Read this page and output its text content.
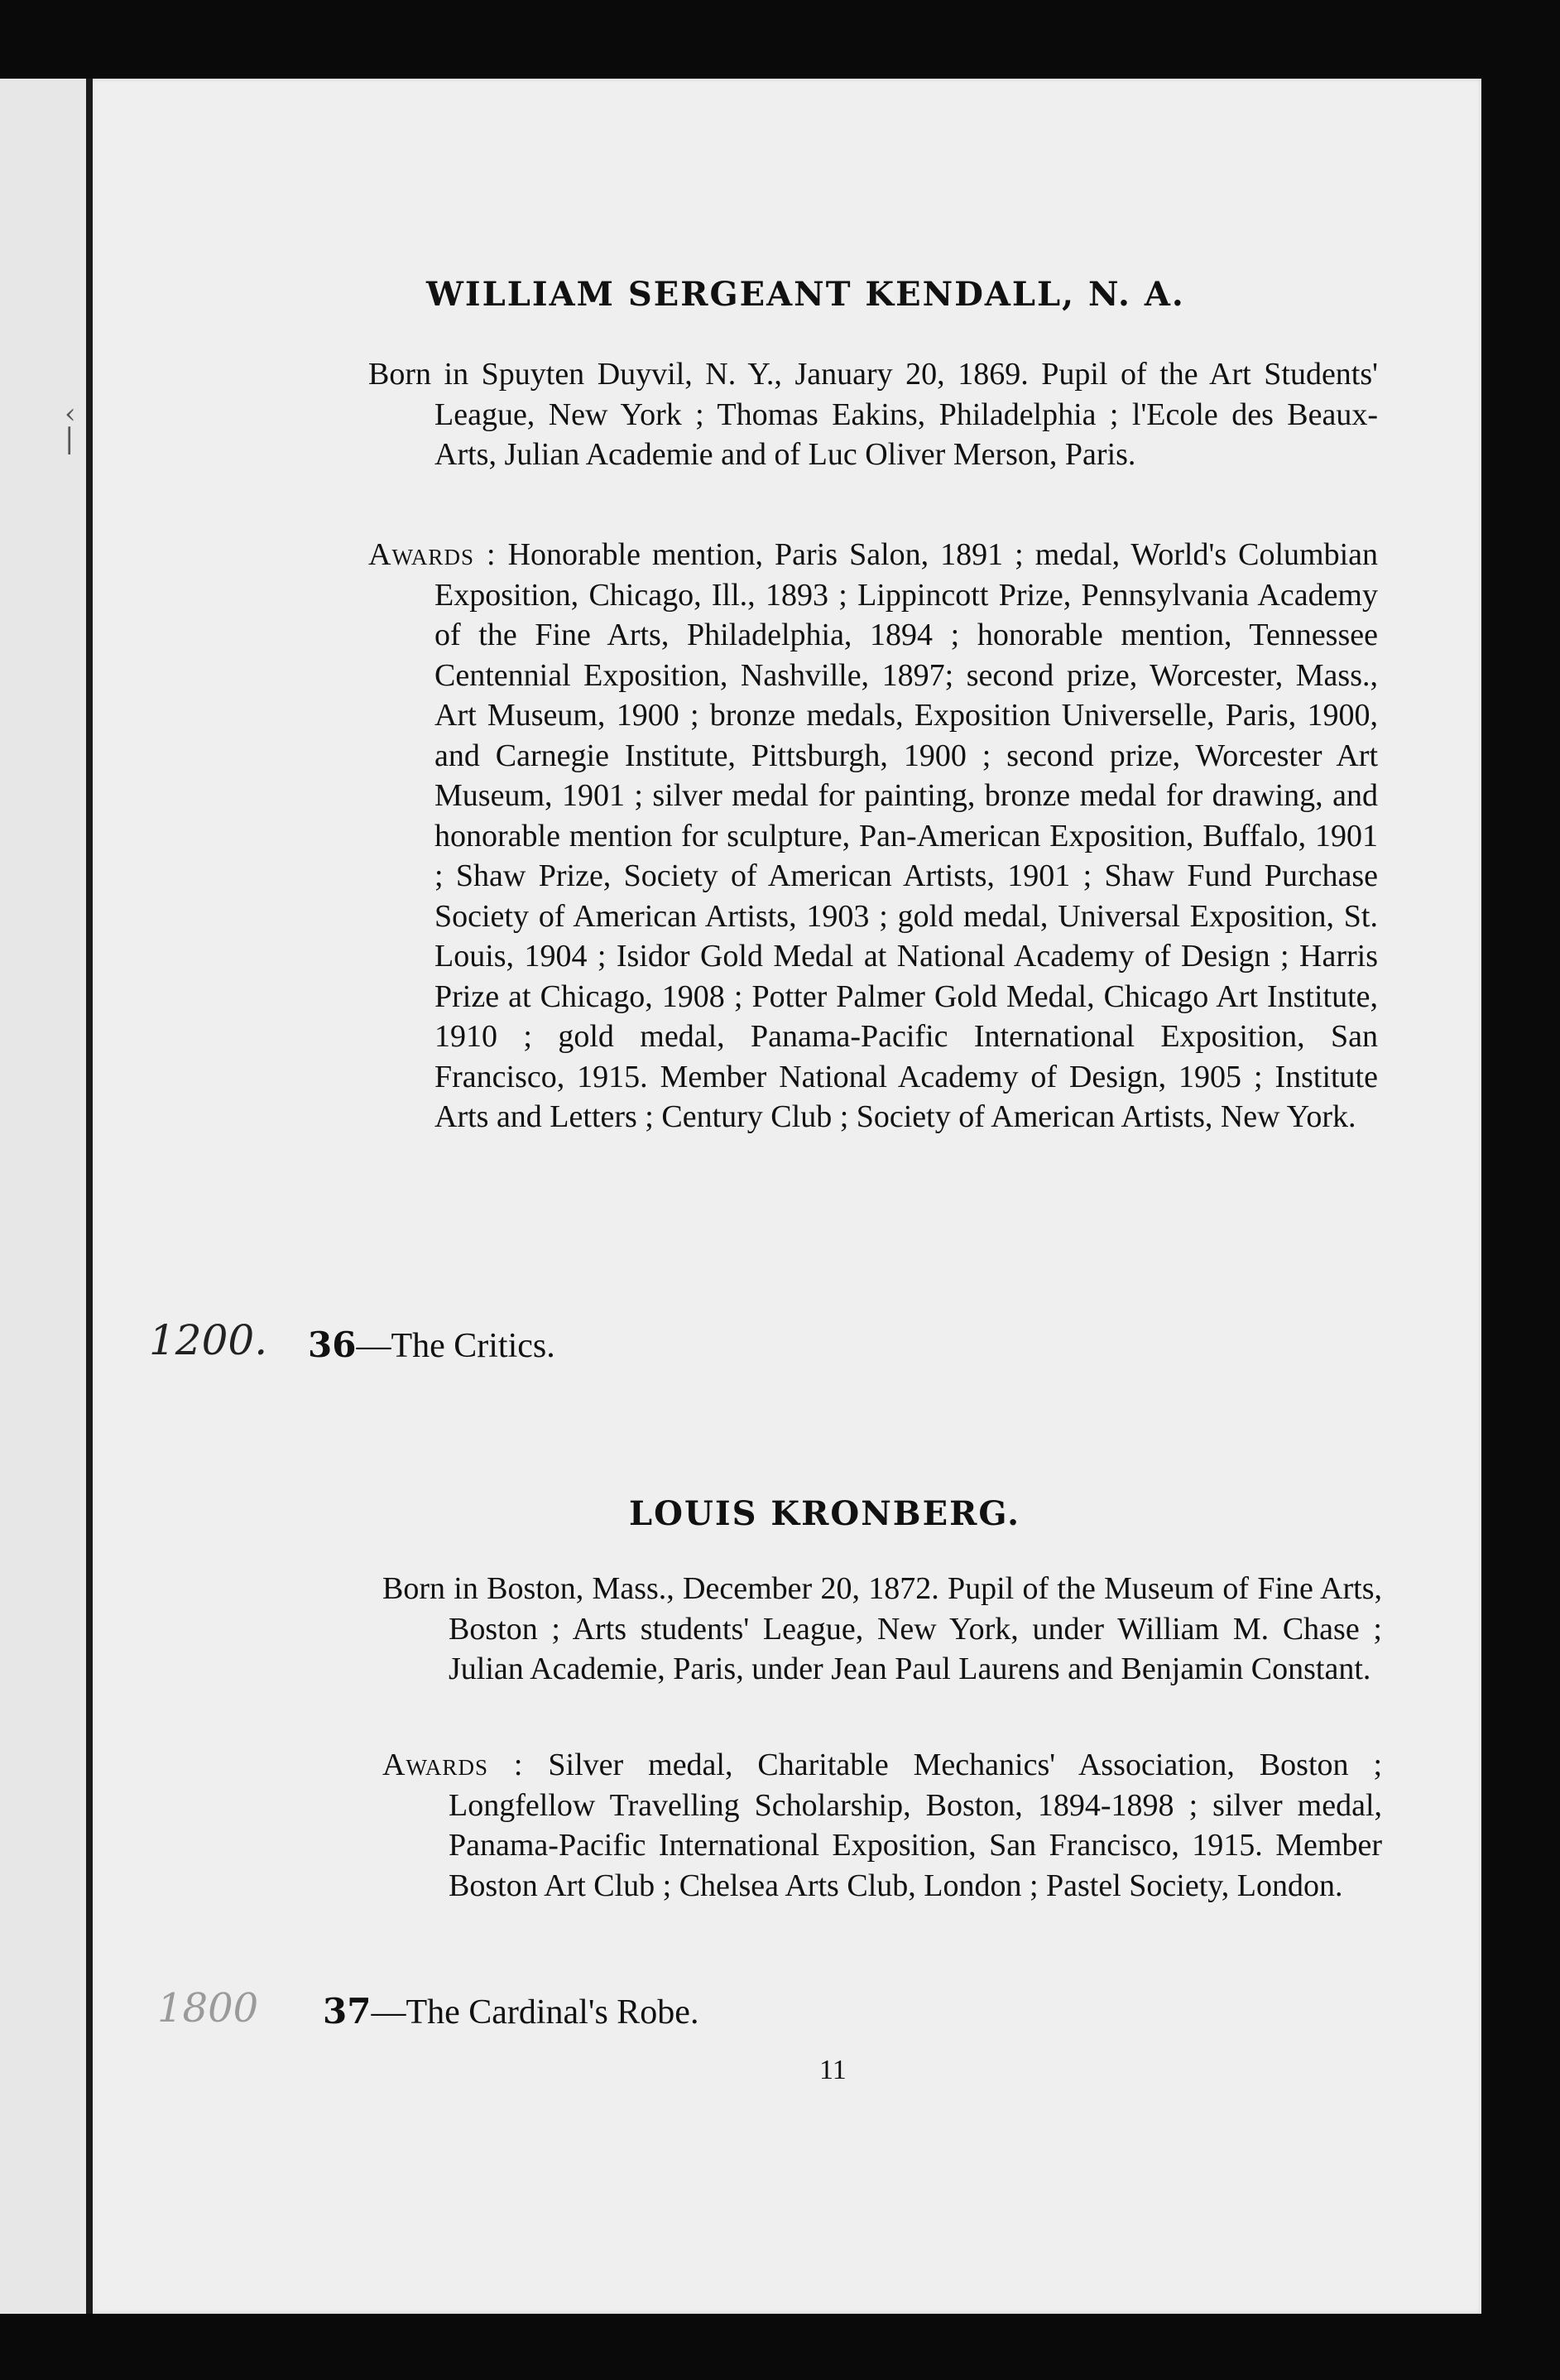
‹
|
WILLIAM SERGEANT KENDALL, N. A.

Born in Spuyten Duyvil, N. Y., January 20, 1869. Pupil of the Art Students' League, New York ; Thomas Eakins, Philadelphia ; l'Ecole des Beaux-Arts, Julian Academie and of Luc Oliver Merson, Paris.

Awards : Honorable mention, Paris Salon, 1891 ; medal, World's Columbian Exposition, Chicago, Ill., 1893 ; Lippincott Prize, Pennsylvania Academy of the Fine Arts, Philadelphia, 1894 ; honorable mention, Tennessee Centennial Exposition, Nashville, 1897; second prize, Worcester, Mass., Art Museum, 1900 ; bronze medals, Exposition Universelle, Paris, 1900, and Carnegie Institute, Pittsburgh, 1900 ; second prize, Worcester Art Museum, 1901 ; silver medal for painting, bronze medal for drawing, and honorable mention for sculpture, Pan-American Exposition, Buffalo, 1901 ; Shaw Prize, Society of American Artists, 1901 ; Shaw Fund Purchase Society of American Artists, 1903 ; gold medal, Universal Exposition, St. Louis, 1904 ; Isidor Gold Medal at National Academy of Design ; Harris Prize at Chicago, 1908 ; Potter Palmer Gold Medal, Chicago Art Institute, 1910 ; gold medal, Panama-Pacific International Exposition, San Francisco, 1915. Member National Academy of Design, 1905 ; Institute Arts and Letters ; Century Club ; Society of American Artists, New York.

1200. 36—The Critics.
LOUIS KRONBERG.

Born in Boston, Mass., December 20, 1872. Pupil of the Museum of Fine Arts, Boston ; Arts students' League, New York, under William M. Chase ; Julian Academie, Paris, under Jean Paul Laurens and Benjamin Constant.

Awards : Silver medal, Charitable Mechanics' Association, Boston ; Longfellow Travelling Scholarship, Boston, 1894-1898 ; silver medal, Panama-Pacific International Exposition, San Francisco, 1915. Member Boston Art Club ; Chelsea Arts Club, London ; Pastel Society, London.

1800 37—The Cardinal's Robe.
11
